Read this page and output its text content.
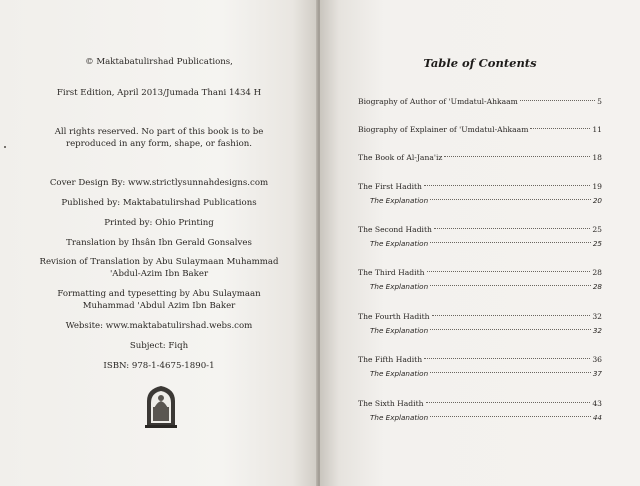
© Maktabatulirshad Publications,
First Edition, April 2013/Jumada Thani 1434 H
All rights reserved. No part of this book is to be
reproduced in any form, shape, or fashion.
Cover Design By: www.strictlysunnahdesigns.com
Published by: Maktabatulirshad Publications
Printed by: Ohio Printing
Translation by Ihsân Ibn Gerald Gonsalves
Revision of Translation by Abu Sulaymaan Muhammad
'Abdul-Azim Ibn Baker
Formatting and typesetting by Abu Sulaymaan
Muhammad 'Abdul Azim Ibn Baker
Website: www.maktabatulirshad.webs.com
Subject: Fiqh
ISBN: 978-1-4675-1890-1
Table of Contents
Biography of Author of 'Umdatul-Ahkaam	5
Biography of Explainer of 'Umdatul-Ahkaam	11
The Book of Al-Jana'iz	18
The First Hadith	19
The Explanation	20
The Second Hadith	25
The Explanation	25
The Third Hadith	28
The Explanation	28
The Fourth Hadith	32
The Explanation	32
The Fifth Hadith	36
The Explanation	37
The Sixth Hadith	43
The Explanation	44
